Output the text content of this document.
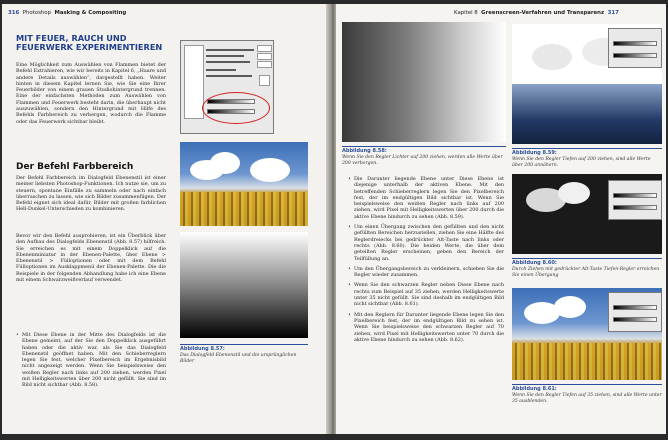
316 Photoshop Masking & Compositing
MIT FEUER, RAUCH UND FEUERWERK EXPERIMENTIEREN
Eine Möglichkeit zum Auswählen von Flammen bietet der Befehl Extrahieren, wie wir bereits in Kapitel 6, „Haare und andere Details auswählen“, dargestellt haben. Weiter hinten in diesem Kapitel lernen Sie, wie Sie eine Ihrer Feuerbilder von einem grauen Studiohintergrund trennen. Eine der einfachsten Methoden zum Auswählen von Flammen und Feuerwerk besteht darin, die überhaupt nicht auszuwählen, sondern den Hintergrund mit Hilfe des Befehls Farbbereich zu verbergen, wodurch die Flamme oder das Feuerwerk sichtbar bleibt.
Der Befehl Farbbereich
Der Befehl Farbbereich im Dialogfeld Ebenenstil ist einer meiner liebsten Photoshop-Funktionen. Ich nutze sie, um zu steuern, spontane Einfälle zu sammeln oder nach einfach überraschen zu lassen, wie sich Bilder zusammenfügen. Der Befehl eignet sich ideal dafür, Bilder mit großen farblichen Hell-Dunkel-Unterschieden zu kombinieren.
Bevor wir den Befehl ausprobieren, ist ein Überblick über den Aufbau des Dialogfelds Ebenenstil (Abb. 8.57) hilfreich. Sie erreichen es mit einem Doppelklick auf die Ebenenminiatur in der Ebenen-Palette, über Ebene > Ebenenstil > Fülloptionen oder mit dem Befehl Fülloptionen im Ausklappmenü der Ebenen-Palette. Die die Beispiele in der folgenden Abhandlung habe ich eine Ebene mit einem Schwarzweißverlauf verwendet.
• Mit Diese Ebene in der Mitte des Dialogfelds ist die Ebene gemeint, auf der Sie den Doppelklick ausgeführt haben oder die aktiv war, als Sie das Dialogfeld Ebenenstil geöffnet haben. Mit den Schieberreglern legen Sie fest, welcher Pixelbereich im Ergebnisbild nicht angezeigt werden. Wenn Sie beispielsweise den weißen Regler nach links auf 200 ziehen, werden Pixel mit Helligkeitswerten über 200 nicht gefüllt. Sie sind im Bild nicht sichtbar (Abb. 8.58).
Abbildung 8.57:
Das Dialogfeld Ebenenstil und die ursprünglichen Bilder
Kapitel 8 Greenscreen-Verfahren und Transparenz 317
Abbildung 8.58:
Wenn Sie den Regler Lichter auf 200 ziehen, werden alle Werte über 200 verborgen.
• Die Darunter liegende Ebene unter Diese Ebene ist diejenige unterhalb der aktiven Ebene. Mit den betreffenden Schieberreglern legen Sie den Pixelbereich fest, der im endgültigen Bild sichtbar ist. Wenn Sie beispielsweise den weißen Regler nach links auf 200 ziehen, wird Pixel mit Helligkeitswerten über 200 durch die aktive Ebene hindurch zu sehen (Abb. 8.59).
• Um einen Übergang zwischen den gefüllten und den nicht gefüllten Bereichen herzustellen, ziehen Sie eine Hälfte des Reglerdreiecks bei gedrückter Alt-Taste nach links oder rechts (Abb. 8.60). Die beiden Werte, die über dem geteilten Regler erscheinen, geben den Bereich der Teilfüllung an.
• Um den Übergangsbereich zu verkleinern, schieben Sie die Regler wieder zusammen.
• Wenn Sie den schwarzen Regler neben Diese Ebene nach rechts zum Beispiel auf 35 ziehen, werden Helligkeitswerte unter 35 nicht gefüllt. Sie sind deshalb im endgültigen Bild nicht sichtbar (Abb. 8.61).
• Mit den Reglern für Darunter liegende Ebene legen Sie den Pixelbereich fest, der im endgültigen Bild zu sehen ist. Wenn Sie beispielsweise den schwarzen Regler auf 70 ziehen, wird Pixel mit Helligkeitswerten unter 70 durch die aktive Ebene hindurch zu sehen (Abb. 8.62).
Abbildung 8.59:
Wenn Sie den Regler Tiefen auf 200 ziehen, sind alle Werte über 200 annähern.
Abbildung 8.60:
Durch Ziehen mit gedrückter Alt-Taste Tiefen-Regler erreichen Sie einen Übergang
Abbildung 8.61:
Wenn Sie den Regler Tiefen auf 35 ziehen, sind alle Werte unter 35 ausblenden.
